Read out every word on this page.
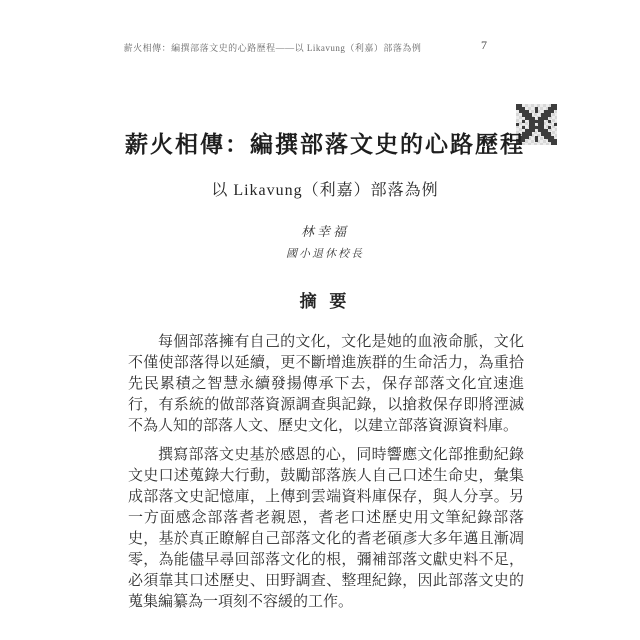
薪火相傳：編撰部落文史的心路歷程——以 Likavung（利嘉）部落為例	7
薪火相傳：編撰部落文史的心路歷程
以 Likavung（利嘉）部落為例
林幸福
國小退休校長
摘 要

每個部落擁有自己的文化，文化是她的血液命脈，文化不僅使部落得以延續，更不斷增進族群的生命活力，為重拾先民累積之智慧永續發揚傳承下去，保存部落文化宜速進行，有系統的做部落資源調查與記錄，以搶救保存即將湮滅不為人知的部落人文、歷史文化，以建立部落資源資料庫。

撰寫部落文史基於感恩的心，同時響應文化部推動紀錄文史口述蒐錄大行動，鼓勵部落族人自己口述生命史，彙集成部落文史記憶庫，上傳到雲端資料庫保存，與人分享。另一方面感念部落耆老親恩，耆老口述歷史用文筆紀錄部落史，基於真正瞭解自己部落文化的耆老碩彥大多年邁且漸凋零，為能儘早尋回部落文化的根，彌補部落文獻史料不足，必須靠其口述歷史、田野調查、整理紀錄，因此部落文史的蒐集編纂為一項刻不容緩的工作。
